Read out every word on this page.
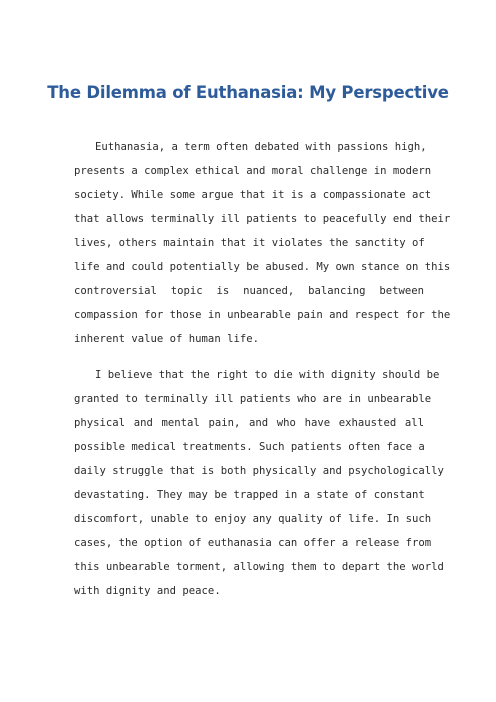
The Dilemma of Euthanasia: My Perspective

Euthanasia, a term often debated with passions high,

presents a complex ethical and moral challenge in modern

society. While some argue that it is a compassionate act

that allows terminally ill patients to peacefully end their

lives, others maintain that it violates the sanctity of

life and could potentially be abused. My own stance on this

controversial topic is nuanced, balancing between

compassion for those in unbearable pain and respect for the

inherent value of human life.

I believe that the right to die with dignity should be

granted to terminally ill patients who are in unbearable

physical and mental pain, and who have exhausted all

possible medical treatments. Such patients often face a

daily struggle that is both physically and psychologically

devastating. They may be trapped in a state of constant

discomfort, unable to enjoy any quality of life. In such

cases, the option of euthanasia can offer a release from

this unbearable torment, allowing them to depart the world

with dignity and peace.
